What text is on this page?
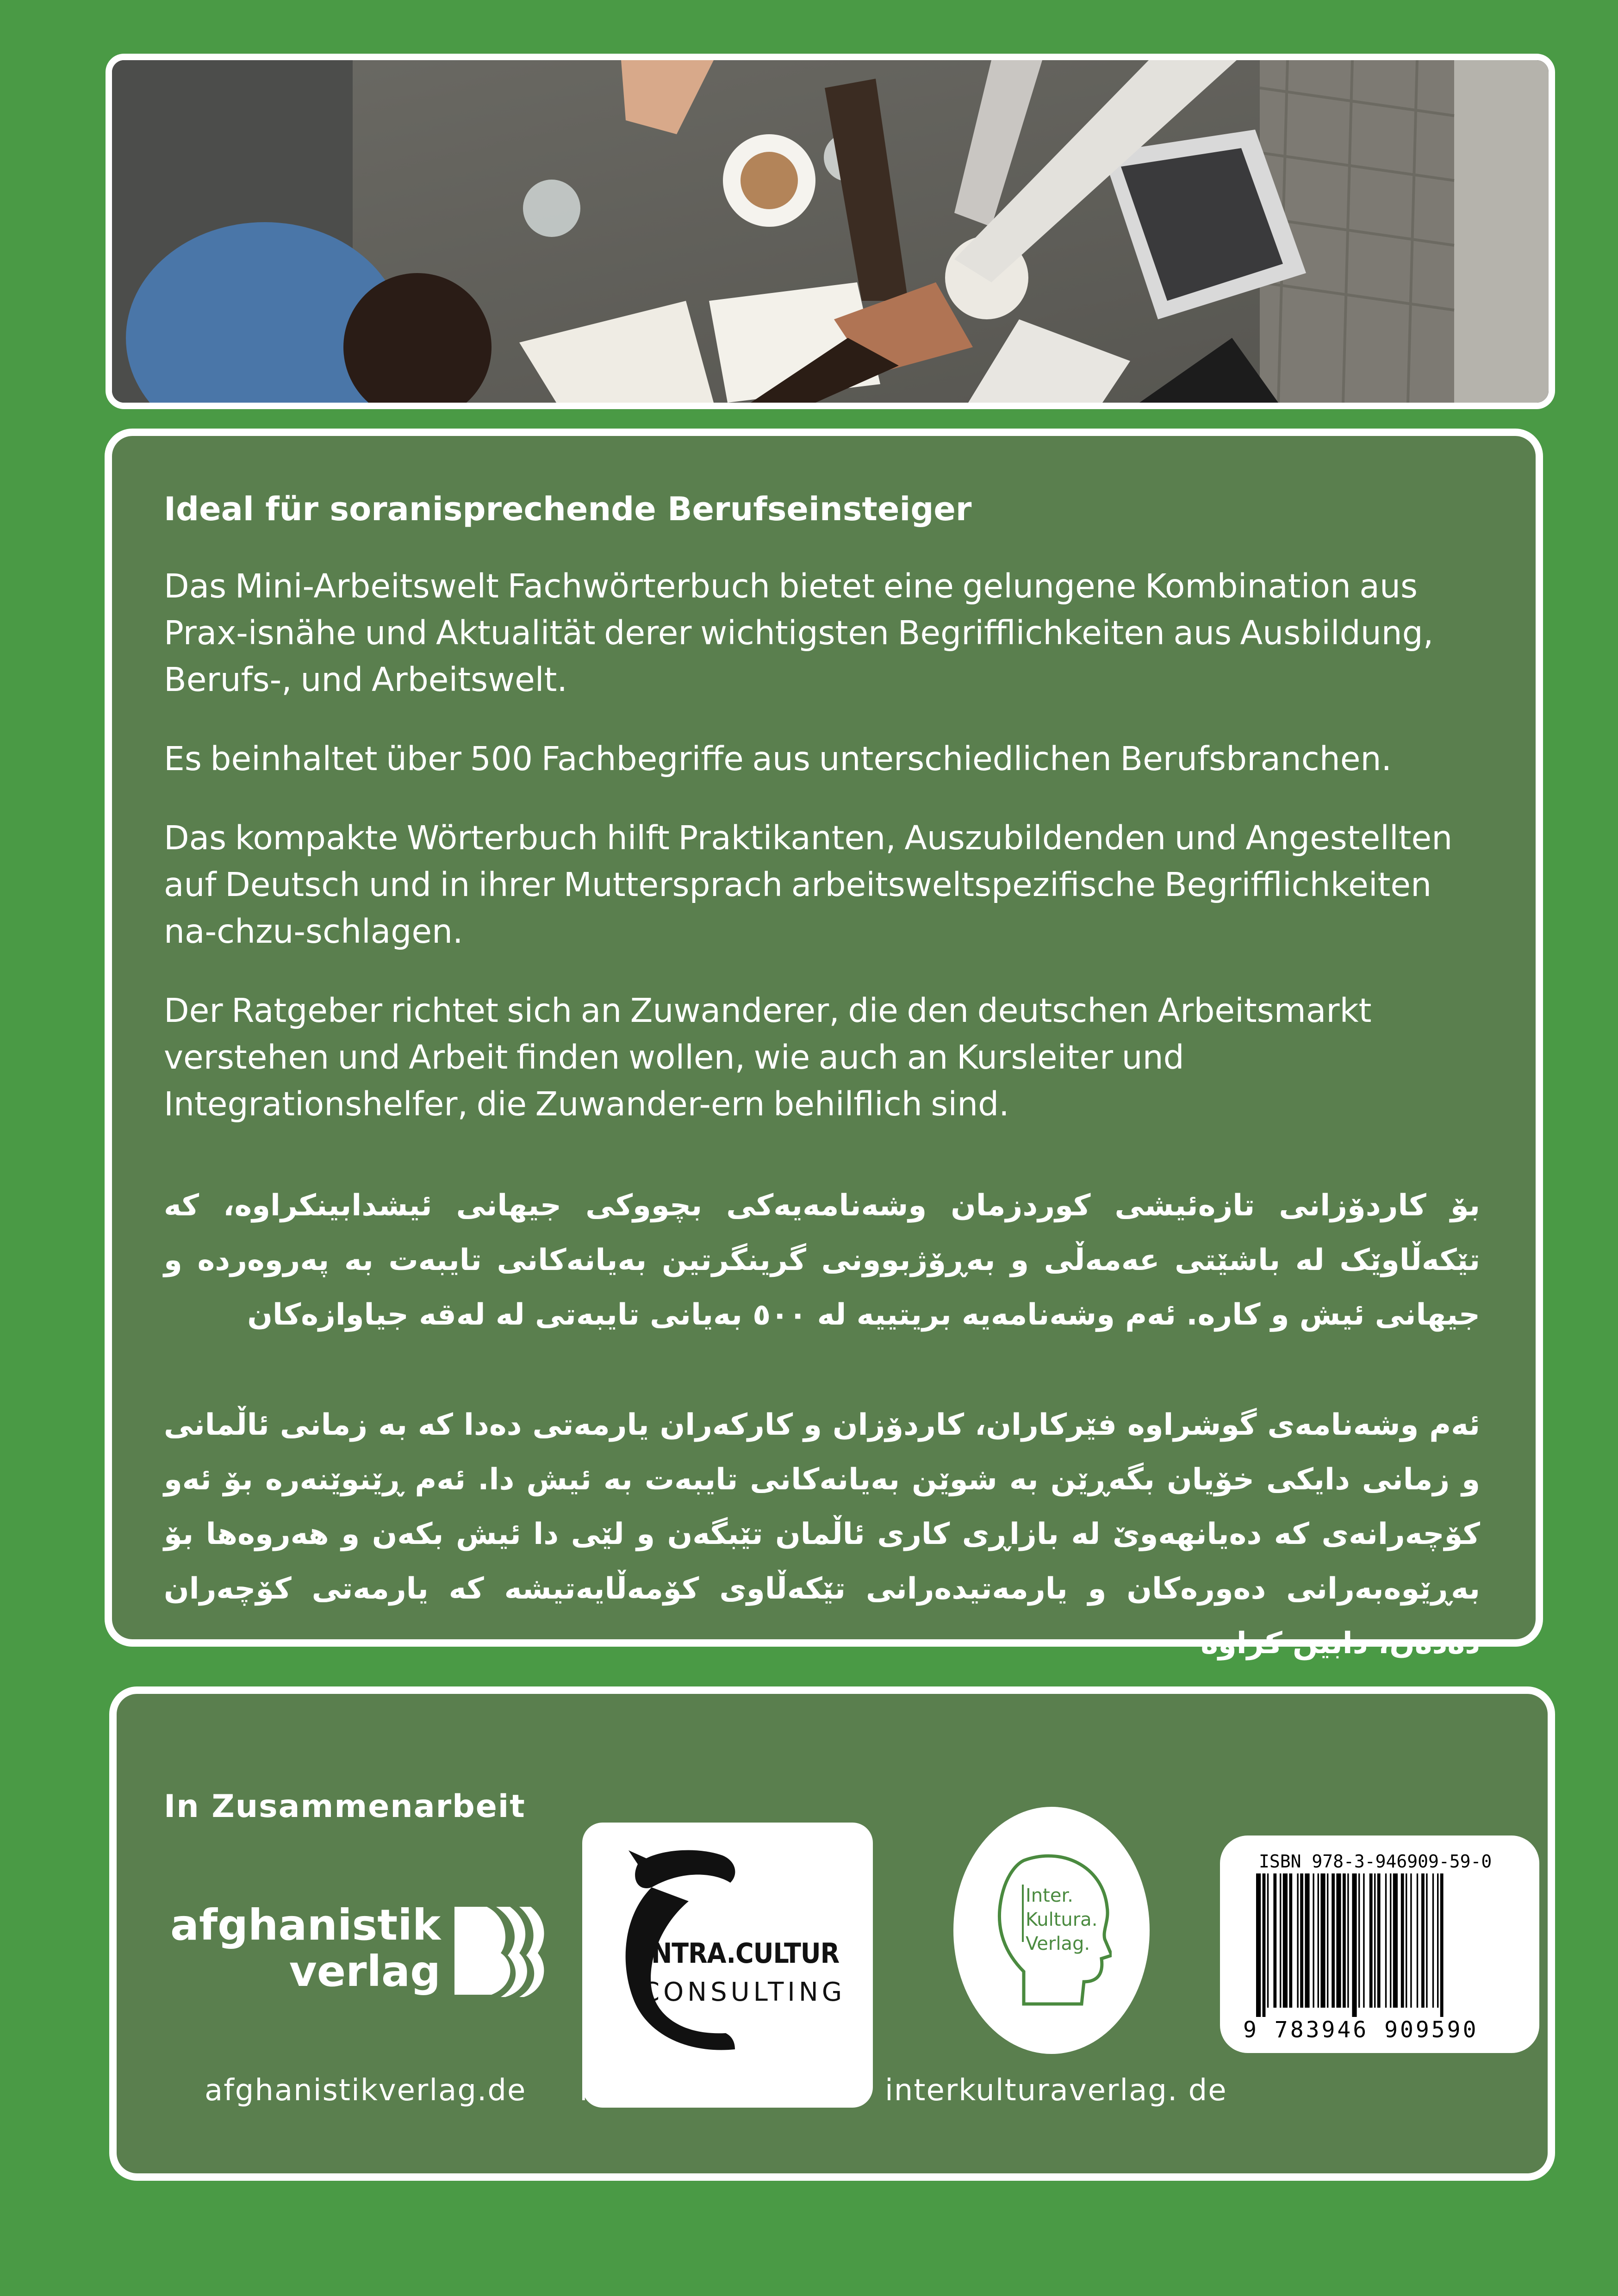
Ideal für soranisprechende Berufseinsteiger

Das Mini-Arbeitswelt Fachwörterbuch bietet eine gelungene Kombination aus Prax-isnähe und Aktualität derer wichtigsten Begrifflichkeiten aus Ausbildung, Berufs-, und Arbeitswelt.

Es beinhaltet über 500 Fachbegriffe aus unterschiedlichen Berufsbranchen.

Das kompakte Wörterbuch hilft Praktikanten, Auszubildenden und Angestellten auf Deutsch und in ihrer Muttersprach arbeitsweltspezifische Begrifflichkeiten na-chzu-schlagen.

Der Ratgeber richtet sich an Zuwanderer, die den deutschen Arbeitsmarkt verstehen und Arbeit finden wollen, wie auch an Kursleiter und Integrationshelfer, die Zuwander-ern behilflich sind.

بۆ کاردۆزانی تازەئیشی کوردزمان وشەنامەیەکی بچووکی جیهانی ئیشدابینکراوە، کە تێکەڵاوێک لە باشێتی عەمەڵی و بەڕۆژبوونی گرینگرتین بەیانەکانی تایبەت بە پەروەردە و جیهانی ئیش و کارە. ئەم وشەنامەیە بریتییە لە ٥٠٠ بەیانی تایبەتی لە لەقە جیاوازەکان

ئەم وشەنامەی گوشراوە فێرکاران، کاردۆزان و کارکەران یارمەتی دەدا کە بە زمانی ئاڵمانی و زمانی دایکی خۆیان بگەڕێن بە شوێن بەیانەکانی تایبەت بە ئیش دا. ئەم ڕێنوێنەرە بۆ ئەو کۆچەرانەی کە دەیانهەوێ لە بازاڕی کاری ئاڵمان تێبگەن و لێی دا ئیش بکەن و هەروەها بۆ بەڕێوەبەرانی دەورەکان و یارمەتیدەرانی تێکەڵاوی کۆمەڵایەتیشە کە یارمەتی کۆچەران دەدەن، دابین کراوە

In Zusammenarbeit
afghanistik
verlag
afghanistikverlag.de
INTRA.CULTUR
CONSULTING
intracultur.de
Inter.
Kultura.
Verlag.
interkulturaverlag. de
ISBN 978-3-946909-59-0
9 783946 909590
